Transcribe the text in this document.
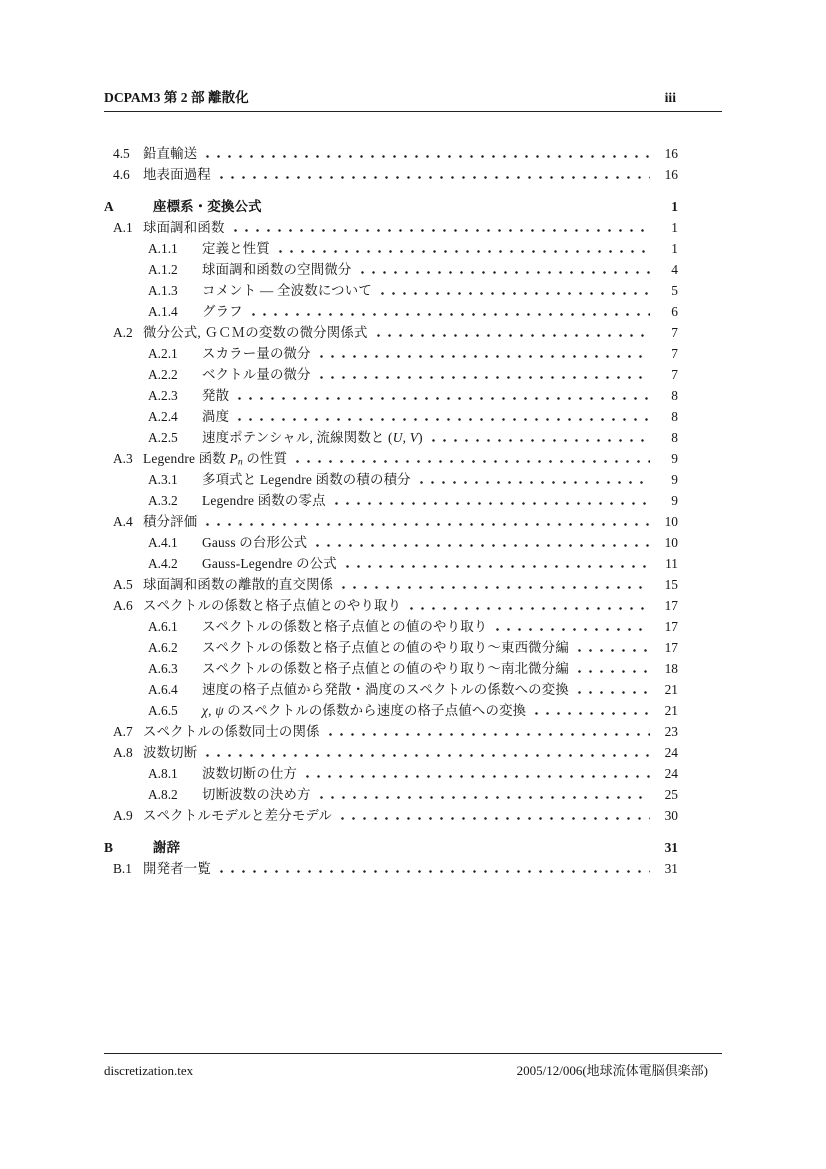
DCPAM3 第 2 部 離散化	iii
4.5 鉛直輸送	16
4.6 地表面過程	16
A	座標系・変換公式	1
A.1 球面調和函数	1
A.1.1	定義と性質	1
A.1.2	球面調和函数の空間微分	4
A.1.3	コメント — 全波数について	5
A.1.4	グラフ	6
A.2 微分公式, ＧＣＭの変数の微分関係式	7
A.2.1	スカラー量の微分	7
A.2.2	ベクトル量の微分	7
A.2.3	発散	8
A.2.4	渦度	8
A.2.5	速度ポテンシャル, 流線関数と (U, V)	8
A.3 Legendre 函数 Pn の性質	9
A.3.1	多項式と Legendre 函数の積の積分	9
A.3.2	Legendre 函数の零点	9
A.4 積分評価	10
A.4.1	Gauss の台形公式	10
A.4.2	Gauss-Legendre の公式	11
A.5 球面調和函数の離散的直交関係	15
A.6 スペクトルの係数と格子点値とのやり取り	17
A.6.1	スペクトルの係数と格子点値との値のやり取り	17
A.6.2	スペクトルの係数と格子点値との値のやり取り～東西微分編	17
A.6.3	スペクトルの係数と格子点値との値のやり取り～南北微分編	18
A.6.4	速度の格子点値から発散・渦度のスペクトルの係数への変換	21
A.6.5	χ, ψ のスペクトルの係数から速度の格子点値への変換	21
A.7 スペクトルの係数同士の関係	23
A.8 波数切断	24
A.8.1	波数切断の仕方	24
A.8.2	切断波数の決め方	25
A.9 スペクトルモデルと差分モデル	30
B	謝辞	31
B.1 開発者一覧	31
discretization.tex	2005/12/006(地球流体電脳倶楽部)
